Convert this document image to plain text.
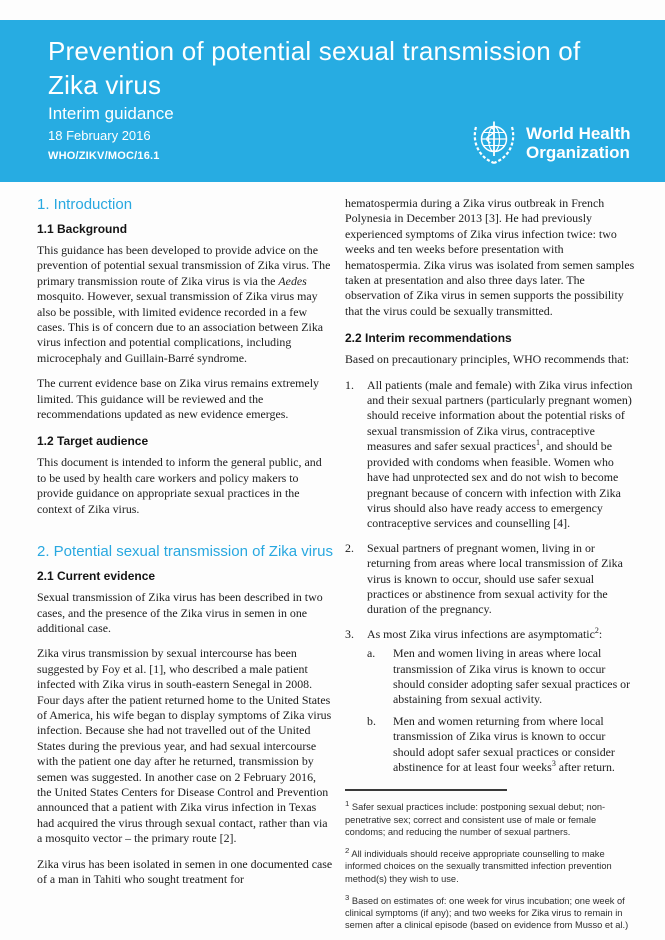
Prevention of potential sexual transmission of Zika virus
Interim guidance
18 February 2016
WHO/ZIKV/MOC/16.1
World Health
Organization
1. Introduction
1.1 Background

This guidance has been developed to provide advice on the prevention of potential sexual transmission of Zika virus. The primary transmission route of Zika virus is via the Aedes mosquito. However, sexual transmission of Zika virus may also be possible, with limited evidence recorded in a few cases. This is of concern due to an association between Zika virus infection and potential complications, including microcephaly and Guillain-Barré syndrome.

The current evidence base on Zika virus remains extremely limited. This guidance will be reviewed and the recommendations updated as new evidence emerges.

1.2 Target audience

This document is intended to inform the general public, and to be used by health care workers and policy makers to provide guidance on appropriate sexual practices in the context of Zika virus.

2. Potential sexual transmission of Zika virus
2.1 Current evidence

Sexual transmission of Zika virus has been described in two cases, and the presence of the Zika virus in semen in one additional case.

Zika virus transmission by sexual intercourse has been suggested by Foy et al. [1], who described a male patient infected with Zika virus in south-eastern Senegal in 2008. Four days after the patient returned home to the United States of America, his wife began to display symptoms of Zika virus infection. Because she had not travelled out of the United States during the previous year, and had sexual intercourse with the patient one day after he returned, transmission by semen was suggested. In another case on 2 February 2016, the United States Centers for Disease Control and Prevention announced that a patient with Zika virus infection in Texas had acquired the virus through sexual contact, rather than via a mosquito vector – the primary route [2].

Zika virus has been isolated in semen in one documented case of a man in Tahiti who sought treatment for

hematospermia during a Zika virus outbreak in French Polynesia in December 2013 [3]. He had previously experienced symptoms of Zika virus infection twice: two weeks and ten weeks before presentation with hematospermia. Zika virus was isolated from semen samples taken at presentation and also three days later. The observation of Zika virus in semen supports the possibility that the virus could be sexually transmitted.

2.2 Interim recommendations

Based on precautionary principles, WHO recommends that:

1.	All patients (male and female) with Zika virus infection and their sexual partners (particularly pregnant women) should receive information about the potential risks of sexual transmission of Zika virus, contraceptive measures and safer sexual practices$^1$, and should be provided with condoms when feasible. Women who have had unprotected sex and do not wish to become pregnant because of concern with infection with Zika virus should also have ready access to emergency contraceptive services and counselling [4].
2.	Sexual partners of pregnant women, living in or returning from areas where local transmission of Zika virus is known to occur, should use safer sexual practices or abstinence from sexual activity for the duration of the pregnancy.
3.	As most Zika virus infections are asymptomatic$^2$:
a.	Men and women living in areas where local transmission of Zika virus is known to occur should consider adopting safer sexual practices or abstaining from sexual activity.
b.	Men and women returning from where local transmission of Zika virus is known to occur should adopt safer sexual practices or consider abstinence for at least four weeks$^3$ after return.

$^1$ Safer sexual practices include: postponing sexual debut; non-penetrative sex; correct and consistent use of male or female condoms; and reducing the number of sexual partners.

$^2$ All individuals should receive appropriate counselling to make informed choices on the sexually transmitted infection prevention method(s) they wish to use.

$^3$ Based on estimates of: one week for virus incubation; one week of clinical symptoms (if any); and two weeks for Zika virus to remain in semen after a clinical episode (based on evidence from Musso et al.)
